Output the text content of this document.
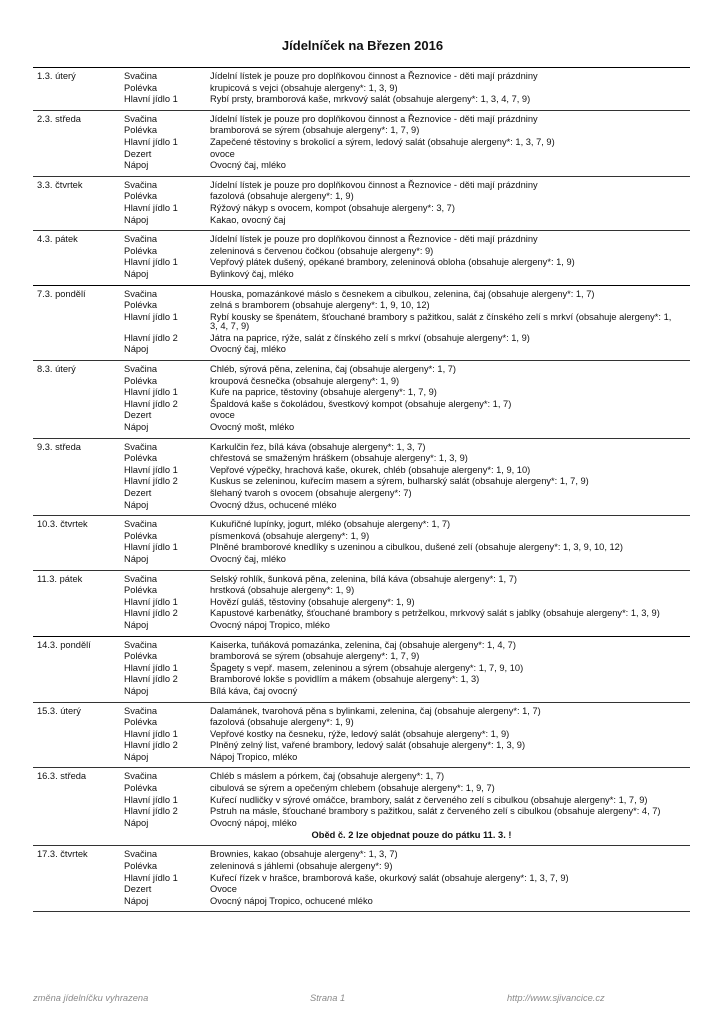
Jídelníček na Březen 2016
1.3. úterý	Svačina	Jídelní lístek je pouze pro doplňkovou činnost a Řeznovice - děti mají prázdniny
Polévka	krupicová s vejci (obsahuje alergeny*: 1, 3, 9)
Hlavní jídlo 1	Rybí prsty, bramborová kaše, mrkvový salát (obsahuje alergeny*: 1, 3, 4, 7, 9)
2.3. středa	Svačina	Jídelní lístek je pouze pro doplňkovou činnost a Řeznovice - děti mají prázdniny
Polévka	bramborová se sýrem (obsahuje alergeny*: 1, 7, 9)
Hlavní jídlo 1	Zapečené těstoviny s brokolicí a sýrem, ledový salát (obsahuje alergeny*: 1, 3, 7, 9)
Dezert	ovoce
Nápoj	Ovocný čaj, mléko
3.3. čtvrtek	Svačina	Jídelní lístek je pouze pro doplňkovou činnost a Řeznovice - děti mají prázdniny
Polévka	fazolová (obsahuje alergeny*: 1, 9)
Hlavní jídlo 1	Rýžový nákyp s ovocem, kompot (obsahuje alergeny*: 3, 7)
Nápoj	Kakao, ovocný čaj
4.3. pátek	Svačina	Jídelní lístek je pouze pro doplňkovou činnost a Řeznovice - děti mají prázdniny
Polévka	zeleninová s červenou čočkou (obsahuje alergeny*: 9)
Hlavní jídlo 1	Vepřový plátek dušený, opékané brambory, zeleninová obloha (obsahuje alergeny*: 1, 9)
Nápoj	Bylinkový čaj, mléko
7.3. pondělí	Svačina	Houska, pomazánkové máslo s česnekem a cibulkou, zelenina, čaj (obsahuje alergeny*: 1, 7)
Polévka	zelná s bramborem (obsahuje alergeny*: 1, 9, 10, 12)
Hlavní jídlo 1	Rybí kousky se špenátem, šťouchané brambory s pažitkou, salát z čínského zelí s mrkví (obsahuje alergeny*: 1, 3, 4, 7, 9)
Hlavní jídlo 2	Játra na paprice, rýže, salát z čínského zelí s mrkví (obsahuje alergeny*: 1, 9)
Nápoj	Ovocný čaj, mléko
8.3. úterý	Svačina	Chléb, sýrová pěna, zelenina, čaj (obsahuje alergeny*: 1, 7)
Polévka	kroupová česnečka (obsahuje alergeny*: 1, 9)
Hlavní jídlo 1	Kuře na paprice, těstoviny (obsahuje alergeny*: 1, 7, 9)
Hlavní jídlo 2	Špaldová kaše s čokoládou, švestkový kompot (obsahuje alergeny*: 1, 7)
Dezert	ovoce
Nápoj	Ovocný mošt, mléko
9.3. středa	Svačina	Karkulčin řez, bílá káva (obsahuje alergeny*: 1, 3, 7)
Polévka	chřestová se smaženým hráškem (obsahuje alergeny*: 1, 3, 9)
Hlavní jídlo 1	Vepřové výpečky, hrachová kaše, okurek, chléb (obsahuje alergeny*: 1, 9, 10)
Hlavní jídlo 2	Kuskus se zeleninou, kuřecím masem a sýrem, bulharský salát (obsahuje alergeny*: 1, 7, 9)
Dezert	šlehaný tvaroh s ovocem (obsahuje alergeny*: 7)
Nápoj	Ovocný džus, ochucené mléko
10.3. čtvrtek	Svačina	Kukuřičné lupínky, jogurt, mléko (obsahuje alergeny*: 1, 7)
Polévka	písmenková (obsahuje alergeny*: 1, 9)
Hlavní jídlo 1	Plněné bramborové knedlíky s uzeninou a cibulkou, dušené zelí (obsahuje alergeny*: 1, 3, 9, 10, 12)
Nápoj	Ovocný čaj, mléko
11.3. pátek	Svačina	Selský rohlík, šunková pěna, zelenina, bílá káva (obsahuje alergeny*: 1, 7)
Polévka	hrstková (obsahuje alergeny*: 1, 9)
Hlavní jídlo 1	Hovězí guláš, těstoviny (obsahuje alergeny*: 1, 9)
Hlavní jídlo 2	Kapustové karbenátky, šťouchané brambory s petrželkou, mrkvový salát s jablky (obsahuje alergeny*: 1, 3, 9)
Nápoj	Ovocný nápoj Tropico, mléko
14.3. pondělí	Svačina	Kaiserka, tuňáková pomazánka, zelenina, čaj (obsahuje alergeny*: 1, 4, 7)
Polévka	bramborová se sýrem (obsahuje alergeny*: 1, 7, 9)
Hlavní jídlo 1	Špagety s vepř. masem, zeleninou a sýrem (obsahuje alergeny*: 1, 7, 9, 10)
Hlavní jídlo 2	Bramborové lokše s povidlím a mákem (obsahuje alergeny*: 1, 3)
Nápoj	Bílá káva, čaj ovocný
15.3. úterý	Svačina	Dalamánek, tvarohová pěna s bylinkami, zelenina, čaj (obsahuje alergeny*: 1, 7)
Polévka	fazolová (obsahuje alergeny*: 1, 9)
Hlavní jídlo 1	Vepřové kostky na česneku, rýže, ledový salát (obsahuje alergeny*: 1, 9)
Hlavní jídlo 2	Plněný zelný list, vařené brambory, ledový salát (obsahuje alergeny*: 1, 3, 9)
Nápoj	Nápoj Tropico, mléko
16.3. středa	Svačina	Chléb s máslem a pórkem, čaj (obsahuje alergeny*: 1, 7)
Polévka	cibulová se sýrem a opečeným chlebem (obsahuje alergeny*: 1, 9, 7)
Hlavní jídlo 1	Kuřecí nudličky v sýrové omáčce, brambory, salát z červeného zelí s cibulkou (obsahuje alergeny*: 1, 7, 9)
Hlavní jídlo 2	Pstruh na másle, šťouchané brambory s pažitkou, salát z červeného zelí s cibulkou (obsahuje alergeny*: 4, 7)
Nápoj	Ovocný nápoj, mléko
Oběd č. 2 lze objednat pouze do pátku 11. 3. !
17.3. čtvrtek	Svačina	Brownies, kakao (obsahuje alergeny*: 1, 3, 7)
Polévka	zeleninová s jáhlemi (obsahuje alergeny*: 9)
Hlavní jídlo 1	Kuřecí řízek v hrašce, bramborová kaše, okurkový salát (obsahuje alergeny*: 1, 3, 7, 9)
Dezert	Ovoce
Nápoj	Ovocný nápoj Tropico, ochucené mléko
změna jídelníčku vyhrazena	Strana 1	http://www.sjivancice.cz
